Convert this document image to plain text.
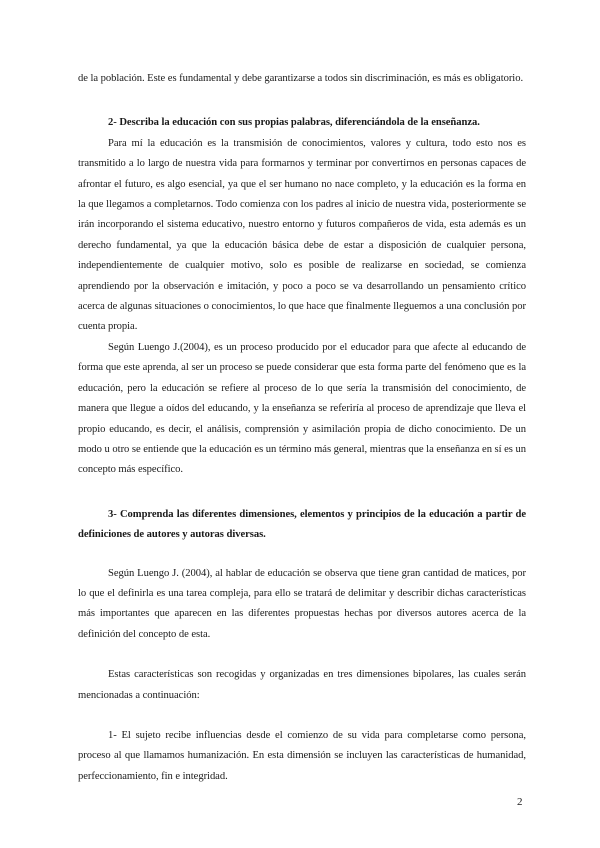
de la población. Este es fundamental y debe garantizarse a todos sin discriminación, es más es obligatorio.

2- Describa la educación con sus propias palabras, diferenciándola de la enseñanza.

Para mí la educación es la transmisión de conocimientos, valores y cultura, todo esto nos es transmitido a lo largo de nuestra vida para formarnos y terminar por convertirnos en personas capaces de afrontar el futuro, es algo esencial, ya que el ser humano no nace completo, y la educación es la forma en la que llegamos a completarnos. Todo comienza con los padres al inicio de nuestra vida, posteriormente se irán incorporando el sistema educativo, nuestro entorno y futuros compañeros de vida, esta además es un derecho fundamental, ya que la educación básica debe de estar a disposición de cualquier persona, independientemente de cualquier motivo, solo es posible de realizarse en sociedad, se comienza aprendiendo por la observación e imitación, y poco a poco se va desarrollando un pensamiento crítico acerca de algunas situaciones o conocimientos, lo que hace que finalmente lleguemos a una conclusión por cuenta propia.

Según Luengo J.(2004), es un proceso producido por el educador para que afecte al educando de forma que este aprenda, al ser un proceso se puede considerar que esta forma parte del fenómeno que es la educación, pero la educación se refiere al proceso de lo que sería la transmisión del conocimiento, de manera que llegue a oídos del educando, y la enseñanza se referiría al proceso de aprendizaje que lleva el propio educando, es decir, el análisis, comprensión y asimilación propia de dicho conocimiento. De un modo u otro se entiende que la educación es un término más general, mientras que la enseñanza en sí es un concepto más específico.

3- Comprenda las diferentes dimensiones, elementos y principios de la educación a partir de definiciones de autores y autoras diversas.

Según Luengo J. (2004), al hablar de educación se observa que tiene gran cantidad de matices, por lo que el definirla es una tarea compleja, para ello se tratará de delimitar y describir dichas características más importantes que aparecen en las diferentes propuestas hechas por diversos autores acerca de la definición del concepto de esta.

Estas características son recogidas y organizadas en tres dimensiones bipolares, las cuales serán mencionadas a continuación:

1- El sujeto recibe influencias desde el comienzo de su vida para completarse como persona, proceso al que llamamos humanización. En esta dimensión se incluyen las características de humanidad, perfeccionamiento, fin e integridad.

2
